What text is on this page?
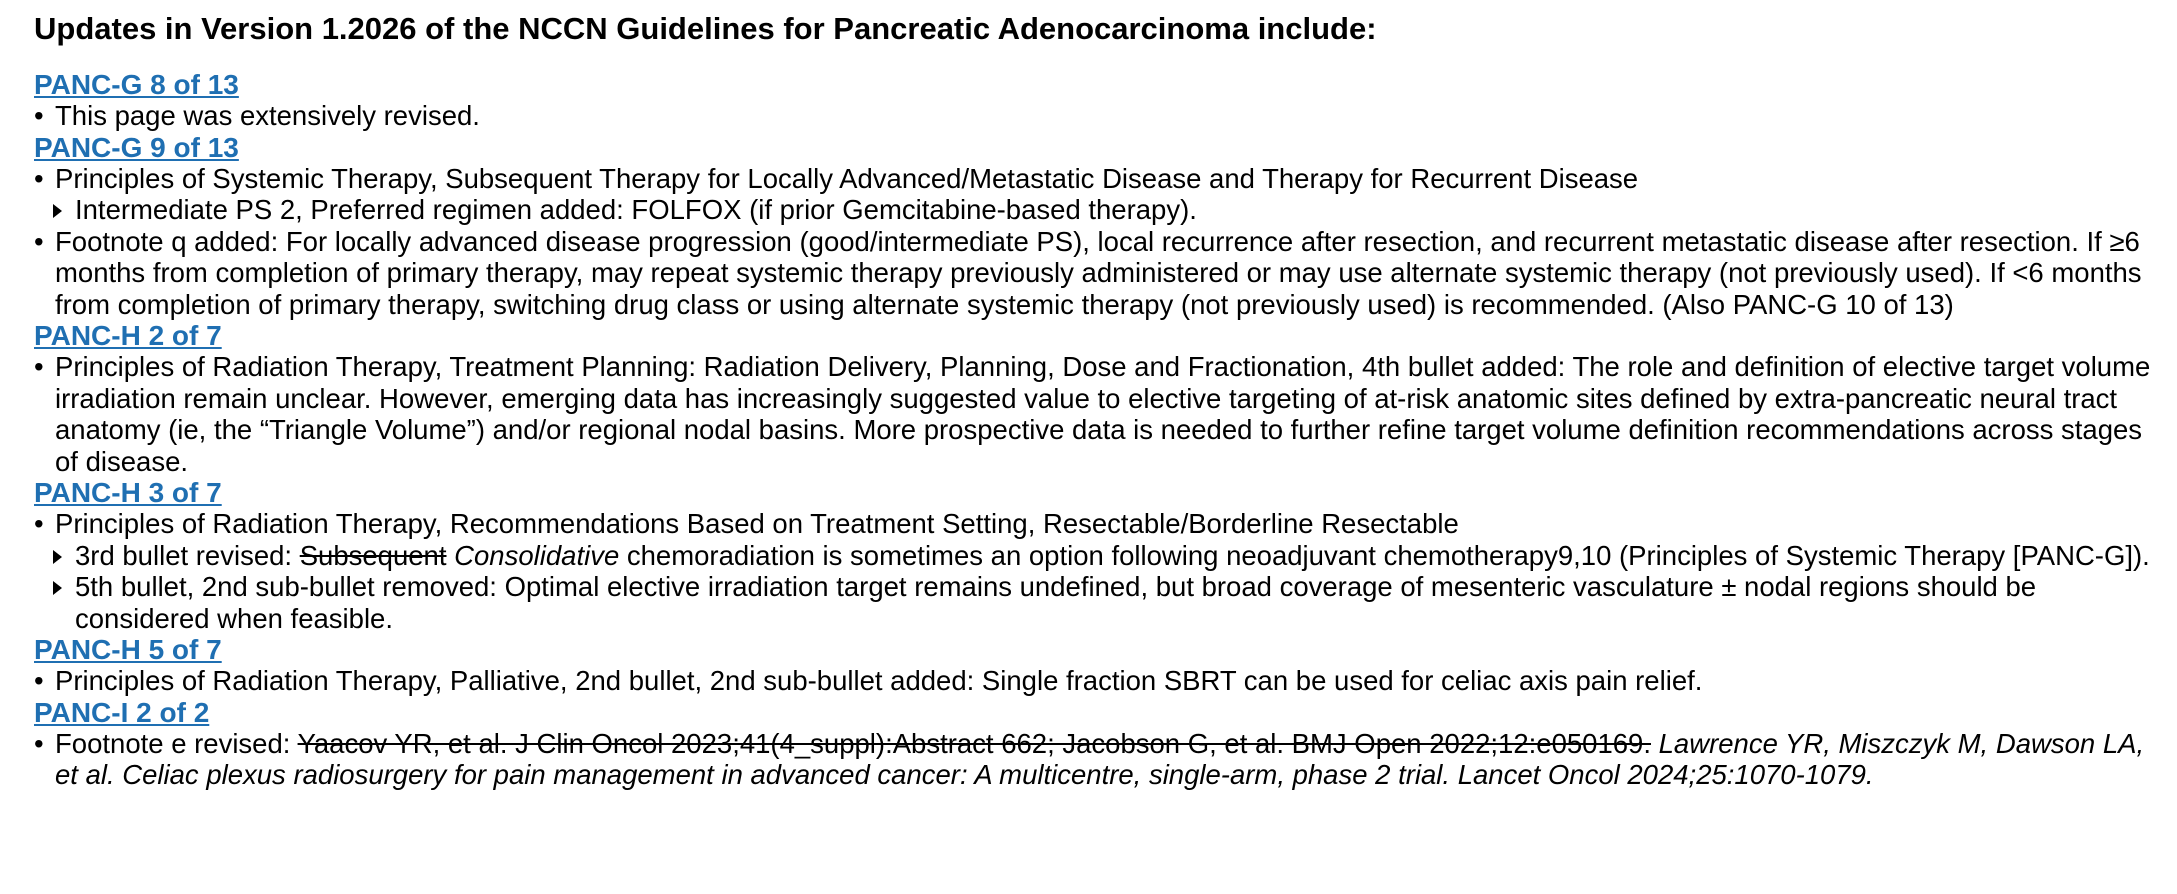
Updates in Version 1.2026 of the NCCN Guidelines for Pancreatic Adenocarcinoma include:
PANC-G 8 of 13
• This page was extensively revised.
PANC-G 9 of 13
• Principles of Systemic Therapy, Subsequent Therapy for Locally Advanced/Metastatic Disease and Therapy for Recurrent Disease
Intermediate PS 2, Preferred regimen added: FOLFOX (if prior Gemcitabine-based therapy).
• Footnote q added: For locally advanced disease progression (good/intermediate PS), local recurrence after resection, and recurrent metastatic disease after resection. If ≥6 months from completion of primary therapy, may repeat systemic therapy previously administered or may use alternate systemic therapy (not previously used). If <6 months from completion of primary therapy, switching drug class or using alternate systemic therapy (not previously used) is recommended. (Also PANC-G 10 of 13)
PANC-H 2 of 7
• Principles of Radiation Therapy, Treatment Planning: Radiation Delivery, Planning, Dose and Fractionation, 4th bullet added: The role and definition of elective target volume irradiation remain unclear. However, emerging data has increasingly suggested value to elective targeting of at-risk anatomic sites defined by extra-pancreatic neural tract anatomy (ie, the “Triangle Volume”) and/or regional nodal basins. More prospective data is needed to further refine target volume definition recommendations across stages of disease.
PANC-H 3 of 7
• Principles of Radiation Therapy, Recommendations Based on Treatment Setting, Resectable/Borderline Resectable
3rd bullet revised: Subsequent Consolidative chemoradiation is sometimes an option following neoadjuvant chemotherapy9,10 (Principles of Systemic Therapy [PANC-G]).
5th bullet, 2nd sub-bullet removed: Optimal elective irradiation target remains undefined, but broad coverage of mesenteric vasculature ± nodal regions should be considered when feasible.
PANC-H 5 of 7
• Principles of Radiation Therapy, Palliative, 2nd bullet, 2nd sub-bullet added: Single fraction SBRT can be used for celiac axis pain relief.
PANC-I 2 of 2
• Footnote e revised: Yaacov YR, et al. J Clin Oncol 2023;41(4_suppl):Abstract 662; Jacobson G, et al. BMJ Open 2022;12:e050169. Lawrence YR, Miszczyk M, Dawson LA, et al. Celiac plexus radiosurgery for pain management in advanced cancer: A multicentre, single-arm, phase 2 trial. Lancet Oncol 2024;25:1070-1079.
